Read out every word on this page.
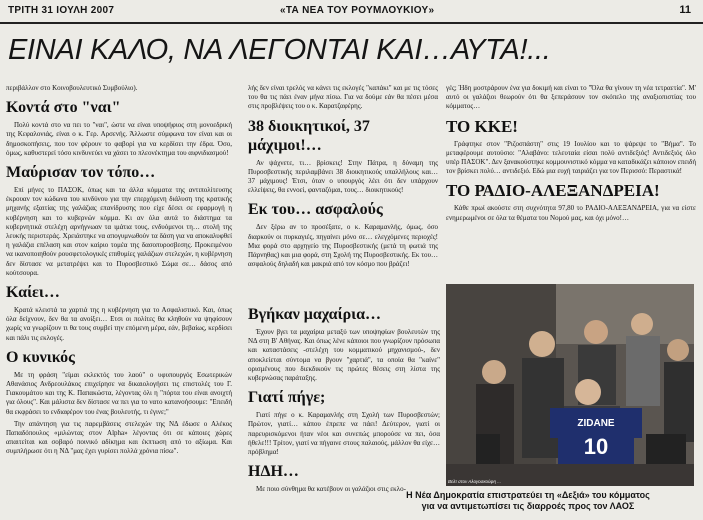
ΤΡΙΤΗ 31 ΙΟΥΛΗ 2007	«ΤΑ ΝΕΑ ΤΟΥ ΡΟΥΜΛΟΥΚΙΟΥ»	11
ΕΙΝΑΙ ΚΑΛΟ, ΝΑ ΛΕΓΟΝΤΑΙ ΚΑΙ…ΑΥΤΑ!...

περιβάλλον στο Κοινοβουλευτικό Συμβούλιο).

Κοντά στο "ναι"

Πολύ κοντά στο να πει το "ναι", ώστε να είναι υποψήφιος στη μονοεδρική της Κεφαλονιάς, είναι ο κ. Γερ. Αρσενής. Άλλωστε σύμφωνα τον είναι και οι δημοσκοπήσεις, που τον φέρουν το φαβορί για να κερδίσει την έδρα. Όσο, όμως, καθυστερεί τόσο κινδυνεύει να χάσει το πλεονέκτημα του αιφνιδιασμού!

Μαύρισαν τον τόπο…

Επί μήνες το ΠΑΣΟΚ, όπως και τα άλλα κόμματα της αντιπολίτευσης έκρουαν τον κώδωνα του κινδύνου για την επερχόμενη διάλυση της κρατικής μηχανής εξαιτίας της γαλάζιας επανίδρυσης που είχε δέσει σε εφαρμογή η κυβέρνηση και το κυβερνών κόμμα. Κι αν όλα αυτά το διάστημα τα κυβερνητικά στελέχη αρνήγνωαν τα ιμάτια τους, ενδυόμενοι τη… στολή της λευκής περιστεράς. Χρειάστηκε να απογυμνωθούν τα δάση για να αποκαλυφθεί η γαλάζια επέλαση και στον καίριο τομέα της δασοπυροσβεσης. Προκειμένου να ικανοποιηθούν ρουσφετολογικές επιθυμίες γαλάζιων στελεχών, η κυβέρνηση δεν δίστασε να μετατρέψει και το Πυροσβεστικό Σώμα σε… δάσος από κούτσουρα.

Καίει…

Κρατά κλειστά τα χαρτιά της η κυβέρνηση για το Ασφαλιστικό. Και, όπως όλα δείχνουν, δεν θα τα ανοίξει… Ετσι οι πολίτες θα κληθούν να ψηφίσουν χωρίς να γνωρίζουν τι θα τους συμβεί την επόμενη μέρα, εάν, βεβαίως, κερδίσει και πάλι τις εκλογές.

Ο κυνικός

Με τη φράση "είμαι εκλεκτός του λαού" ο υφυπουργός Εσωτερικών Αθανάσιος Ανδρεουλάκος επιχείρησε να δικαιολογήσει τις επιστολές του Γ. Γιακουμάτου και της Κ. Παπακώστα, λέγοντας όλι η "πόρτα του είναι ανοιχτή για όλους". Και μάλιστα δεν δίστασε να πει για το νατο κατανοήσουμε: "Επειδή θα εκφράσει το ενδιαφέρον του ένας βουλευτής, τι έγινε;"

Την απάντηση για τις παρεμβάσεις στελεχών της ΝΔ έδωσε ο Αλέκος Παπαδόπουλος «μιλώντας στον Alpha» λέγοντας ότι σε κάποιες χώρες απαιτείται και σοβαρό ποινικό αδίκημα και έκπτωση από το αξίωμα. Και συμπλήρωσε ότι η ΝΔ "μας έχει γυρίσει πολλά χρόνια πίσω".

λής δεν είναι τρελός να κάνει τις εκλογές "καπάκι" και με τις τόσες του θα τις πάει έναν μήνα πίσω. Για να δούμε εάν θα πέσει μέσα στις προβλέψεις του ο κ. Καρατζαφέρης.

38 διοικητικοί, 37 μάχιμοι!…

Αν ψάχνετε, τι… βρίσκεις! Στην Πάτρα, η δύναμη της Πυροσβεστικής περιλαμβάνει 38 διοικητικούς υπαλλήλους και… 37 μάχιμους! Έτσι, όταν ο υπουργός λέει ότι δεν υπάρχουν ελλείψεις, θα εννοεί, φανταζόμαι, τους… διοικητικούς!

Εκ του… ασφαλούς

Δεν ξέρω αν το προσέξατε, ο κ. Καραμανλής, όμως, όσο διαρκούν οι πυρκαγιές, πηγαίνει μόνο σε… ελεγχόμενες περιοχές! Μια φορά στο αρχηγείο της Πυροσβεστικής (μετά τη φωτιά της Πάρνηθας) και μια φορά, στη Σχολή της Πυροσβεστικής. Εκ του… ασφαλούς δηλαδή και μακριά από τον κόσμο που βράζει!

Βγήκαν μαχαίρια…

Έχουν βγει τα μαχαίρια μεταξύ των υποψηφίων βουλευτών της ΝΔ στη Β' Αθήνας. Και όπως λένε κάποιοι που γνωρίζουν πρόσωπα και καταστάσεις -στελέχη του κομματικού μηχανισμού-, δεν αποκλείεται σύντομα να βγουν "χαρτιά", τα οποία θα "καίνε" ορισμένους που διεκδικούν τις πρώτες θέσεις στη λίστα της κυβερνώσας παράταξης.

Γιατί πήγε;

Γιατί πήγε ο κ. Καραμανλής στη Σχολή των Πυροσβεστών; Πρώτον, γιατί… κάπου έπρεπε να πάει! Δεύτερον, γιατί οι παρευρισκόμενοι ήταν νέοι και συνεπώς μπορούσε να πει, όσα ήθελε!!! Τρίτον, γιατί να πήγαινε στους παλαιούς, μάλλον θα είχε… πρόβλημα!

ΗΔΗ…

Με ποιο σύνθημα θα κατέβουν οι γαλάζιοι στις εκλο-

γές; Ήδη μοστράρουν ένα για δοκιμή και είναι το "Όλα θα γίνουν τη νέα τετραετία". Μ' αυτό οι γαλάζιοι θεωρούν ότι θα ξεπεράσουν τον σκόπελο της αναξιοπιστίας του κόμματος…

ΤΟ ΚΚΕ!

Γράφτηκε στον "Ριζοσπάστη" στις 19 Ιουλίου και το ψάρεψε το "Βήμα". Το μεταφέρουμε αυτούσιο: "Αλαβάνο: τελευταία είσαι πολύ αντιδεξιός! Αντιδεξιός όλο υπέρ ΠΑΣΟΚ". Δεν ξανακούστηκε κομμουνιστικό κόμμα να καταδικάζει κάποιον επειδή τον βρίσκει πολύ… αντιδεξιό. Εδώ μια ευχή ταιριάζει για τον Περισσό: Περαστικά!

ΤΟ ΡΑΔΙΟ-ΑΛΕΞΑΝΔΡΕΙΑ!

Κάθε πρωί ακούστε στη συχνότητα 97,80 το ΡΑΔΙΟ-ΑΛΕΞΑΝΔΡΕΙΑ, για να είστε ενημερωμένοι σε όλα τα θέματα του Νομού μας, και όχι μόνο!…

ZIDANE
10
Βελτ στον Αλογοσκούφη ...
Η Νέα Δημοκρατία επιστρατεύει τη «Δεξιά» του κόμματος
για να αντιμετωπίσει τις διαρροές προς τον ΛΑΟΣ
